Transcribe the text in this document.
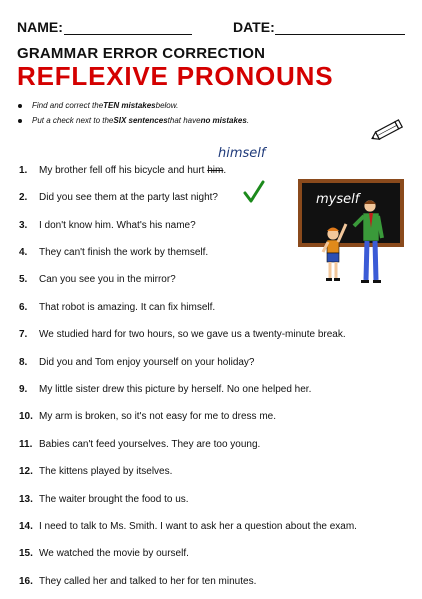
NAME:	DATE:
GRAMMAR ERROR CORRECTION
REFLEXIVE PRONOUNS
Find and correct the TEN mistakes below.
Put a check next to the SIX sentences that have no mistakes .
himself
1. My brother fell off his bicycle and hurt him.
2. Did you see them at the party last night?
3. I don't know him. What's his name?
4. They can't finish the work by themself.
5. Can you see you in the mirror?
6. That robot is amazing. It can fix himself.
7. We studied hard for two hours, so we gave us a twenty-minute break.
8. Did you and Tom enjoy yourself on your holiday?
9. My little sister drew this picture by herself. No one helped her.
10. My arm is broken, so it's not easy for me to dress me.
11. Babies can't feed yourselves. They are too young.
12. The kittens played by itselves.
13. The waiter brought the food to us.
14. I need to talk to Ms. Smith. I want to ask her a question about the exam.
15. We watched the movie by ourself.
16. They called her and talked to her for ten minutes.
myself
